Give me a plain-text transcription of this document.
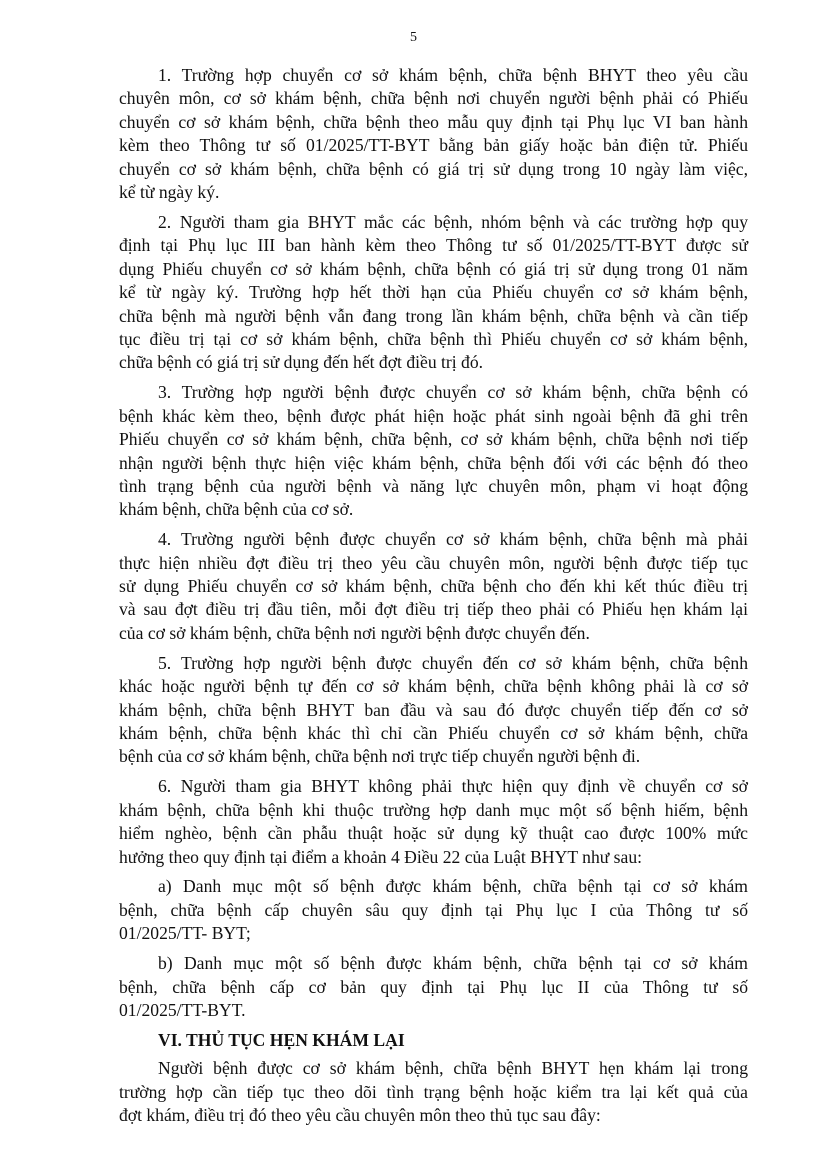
5
1. Trường hợp chuyển cơ sở khám bệnh, chữa bệnh BHYT theo yêu cầu
chuyên môn, cơ sở khám bệnh, chữa bệnh nơi chuyển người bệnh phải có Phiếu
chuyển cơ sở khám bệnh, chữa bệnh theo mẫu quy định tại Phụ lục VI ban hành
kèm theo Thông tư số 01/2025/TT-BYT bằng bản giấy hoặc bản điện tử. Phiếu
chuyển cơ sở khám bệnh, chữa bệnh có giá trị sử dụng trong 10 ngày làm việc,
kể từ ngày ký.
2. Người tham gia BHYT mắc các bệnh, nhóm bệnh và các trường hợp quy
định tại Phụ lục III ban hành kèm theo Thông tư số 01/2025/TT-BYT được sử
dụng Phiếu chuyển cơ sở khám bệnh, chữa bệnh có giá trị sử dụng trong 01 năm
kể từ ngày ký. Trường hợp hết thời hạn của Phiếu chuyển cơ sở khám bệnh,
chữa bệnh mà người bệnh vẫn đang trong lần khám bệnh, chữa bệnh và cần tiếp
tục điều trị tại cơ sở khám bệnh, chữa bệnh thì Phiếu chuyển cơ sở khám bệnh,
chữa bệnh có giá trị sử dụng đến hết đợt điều trị đó.
3. Trường hợp người bệnh được chuyển cơ sở khám bệnh, chữa bệnh có
bệnh khác kèm theo, bệnh được phát hiện hoặc phát sinh ngoài bệnh đã ghi trên
Phiếu chuyển cơ sở khám bệnh, chữa bệnh, cơ sở khám bệnh, chữa bệnh nơi tiếp
nhận người bệnh thực hiện việc khám bệnh, chữa bệnh đối với các bệnh đó theo
tình trạng bệnh của người bệnh và năng lực chuyên môn, phạm vi hoạt động
khám bệnh, chữa bệnh của cơ sở.
4. Trường người bệnh được chuyển cơ sở khám bệnh, chữa bệnh mà phải
thực hiện nhiều đợt điều trị theo yêu cầu chuyên môn, người bệnh được tiếp tục
sử dụng Phiếu chuyển cơ sở khám bệnh, chữa bệnh cho đến khi kết thúc điều trị
và sau đợt điều trị đầu tiên, mỗi đợt điều trị tiếp theo phải có Phiếu hẹn khám lại
của cơ sở khám bệnh, chữa bệnh nơi người bệnh được chuyển đến.
5. Trường hợp người bệnh được chuyển đến cơ sở khám bệnh, chữa bệnh
khác hoặc người bệnh tự đến cơ sở khám bệnh, chữa bệnh không phải là cơ sở
khám bệnh, chữa bệnh BHYT ban đầu và sau đó được chuyển tiếp đến cơ sở
khám bệnh, chữa bệnh khác thì chỉ cần Phiếu chuyển cơ sở khám bệnh, chữa
bệnh của cơ sở khám bệnh, chữa bệnh nơi trực tiếp chuyển người bệnh đi.
6. Người tham gia BHYT không phải thực hiện quy định về chuyển cơ sở
khám bệnh, chữa bệnh khi thuộc trường hợp danh mục một số bệnh hiếm, bệnh
hiểm nghèo, bệnh cần phẫu thuật hoặc sử dụng kỹ thuật cao được 100% mức
hưởng theo quy định tại điểm a khoản 4 Điều 22 của Luật BHYT như sau:
a) Danh mục một số bệnh được khám bệnh, chữa bệnh tại cơ sở khám
bệnh, chữa bệnh cấp chuyên sâu quy định tại Phụ lục I của Thông tư số
01/2025/TT- BYT;
b) Danh mục một số bệnh được khám bệnh, chữa bệnh tại cơ sở khám
bệnh, chữa bệnh cấp cơ bản quy định tại Phụ lục II của Thông tư số
01/2025/TT-BYT.
VI. THỦ TỤC HẸN KHÁM LẠI
Người bệnh được cơ sở khám bệnh, chữa bệnh BHYT hẹn khám lại trong
trường hợp cần tiếp tục theo dõi tình trạng bệnh hoặc kiểm tra lại kết quả của
đợt khám, điều trị đó theo yêu cầu chuyên môn theo thủ tục sau đây:
